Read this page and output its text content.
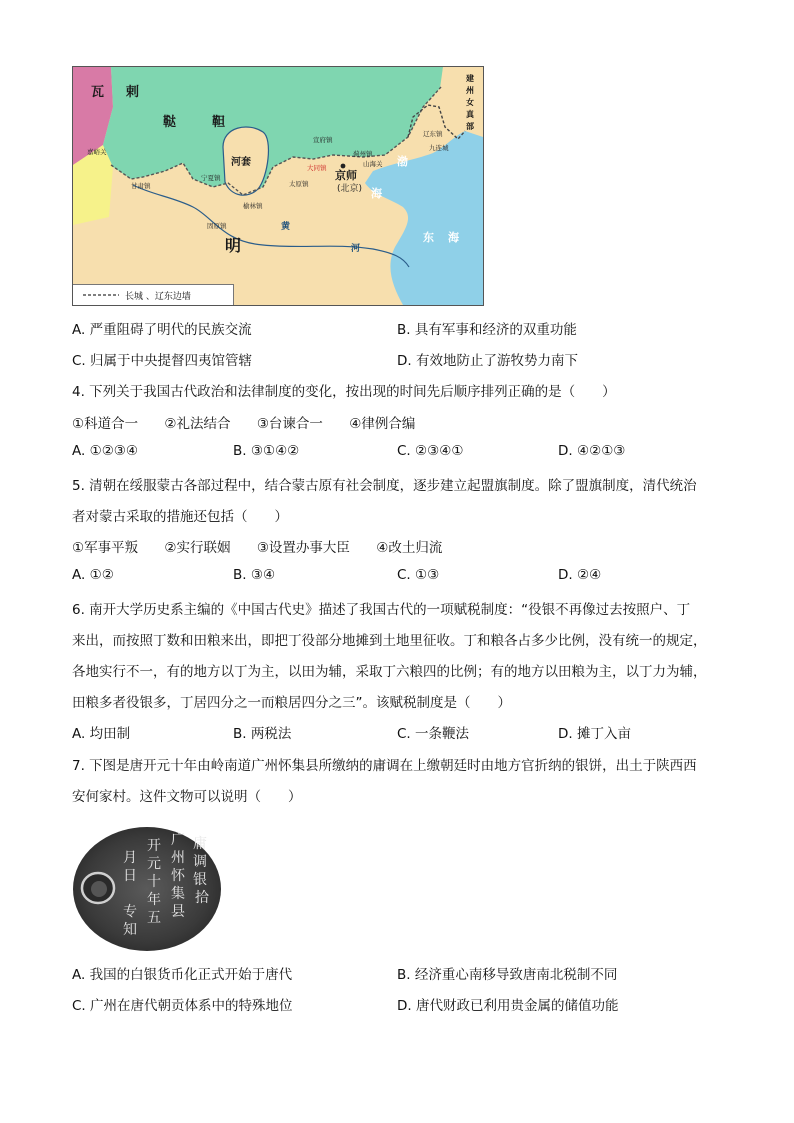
瓦 剌
鞑	靼
河套
明
黄
河
渤
海
东 海
建州女真部
嘉峪关
甘肃镇
宁夏镇
固原镇
榆林镇
太原镇
大同镇
宣府镇
蓟州镇
山海关
辽东镇
九连城
京师
(北京)
长城 、辽东边墙
A. 严重阻碍了明代的民族交流	B. 具有军事和经济的双重功能
C. 归属于中央提督四夷馆管辖	D. 有效地防止了游牧势力南下
4. 下列关于我国古代政治和法律制度的变化，按出现的时间先后顺序排列正确的是（　　）
①科道合一 ②礼法结合 ③台谏合一 ④律例合编
A. ①②③④	B. ③①④②	C. ②③④①	D. ④②①③
5. 清朝在绥服蒙古各部过程中，结合蒙古原有社会制度，逐步建立起盟旗制度。除了盟旗制度，清代统治
者对蒙古采取的措施还包括（　　）
①军事平叛 ②实行联姻 ③设置办事大臣 ④改土归流
A. ①②	B. ③④	C. ①③	D. ②④
6. 南开大学历史系主编的《中国古代史》描述了我国古代的一项赋税制度：“役银不再像过去按照户、丁
来出，而按照丁数和田粮来出，即把丁役部分地摊到土地里征收。丁和粮各占多少比例，没有统一的规定，
各地实行不一，有的地方以丁为主，以田为辅，采取丁六粮四的比例；有的地方以田粮为主，以丁力为辅，
田粮多者役银多，丁居四分之一而粮居四分之三”。该赋税制度是（　　）
A. 均田制	B. 两税法	C. 一条鞭法	D. 摊丁入亩
7. 下图是唐开元十年由岭南道广州怀集县所缴纳的庸调在上缴朝廷时由地方官折纳的银饼，出土于陕西西
安何家村。这件文物可以说明（　　）
庸
调
银
拾
广
州
怀
集
县
开
元
十
年
五
月
日
专
知
A. 我国的白银货币化正式开始于唐代	B. 经济重心南移导致唐南北税制不同
C. 广州在唐代朝贡体系中的特殊地位	D. 唐代财政已利用贵金属的储值功能
